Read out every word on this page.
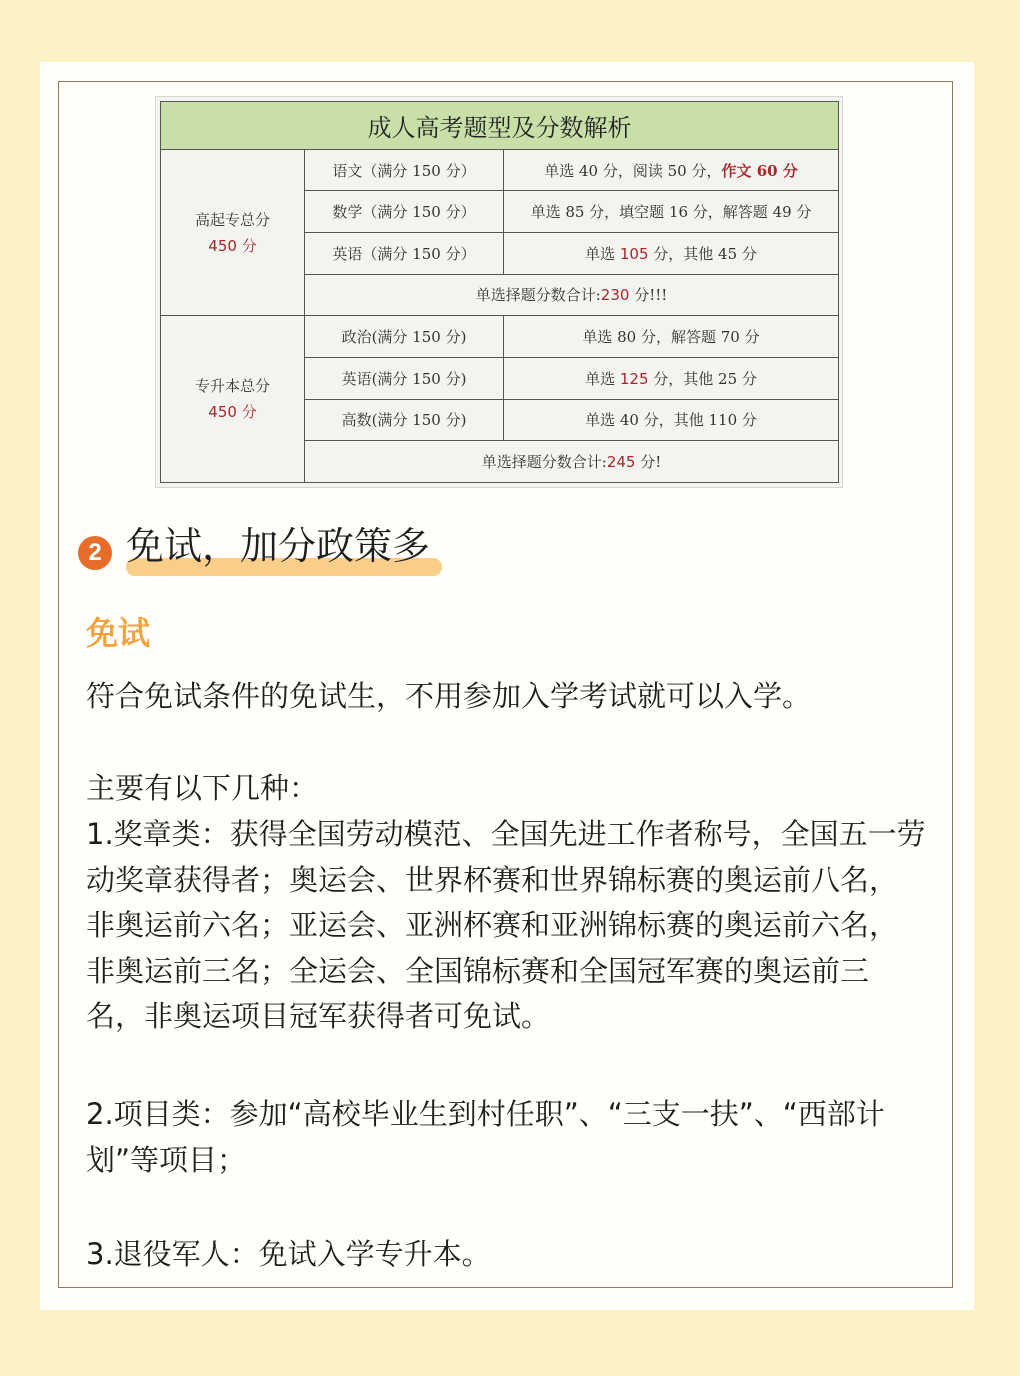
成人高考题型及分数解析		

高起专总分
450 分	语文（满分 150 分）	单选 40 分，阅读 50 分，作文 60 分
	数学（满分 150 分）	单选 85 分，填空题 16 分，解答题 49 分
	英语（满分 150 分）	单选 105 分，其他 45 分
	单选择题分数合计:230 分!!!	

专升本总分
450 分	政治(满分 150 分)	单选 80 分，解答题 70 分
	英语(满分 150 分)	单选 125 分，其他 25 分
	高数(满分 150 分)	单选 40 分，其他 110 分
	单选择题分数合计:245 分!	
2 免试，加分政策多
免试

符合免试条件的免试生，不用参加入学考试就可以入学。

主要有以下几种：

1.奖章类：获得全国劳动模范、全国先进工作者称号，全国五一劳动奖章获得者；奥运会、世界杯赛和世界锦标赛的奥运前八名，非奥运前六名；亚运会、亚洲杯赛和亚洲锦标赛的奥运前六名，非奥运前三名；全运会、全国锦标赛和全国冠军赛的奥运前三名，非奥运项目冠军获得者可免试。

2.项目类：参加“高校毕业生到村任职”、“三支一扶”、“西部计划”等项目；

3.退役军人：免试入学专升本。
